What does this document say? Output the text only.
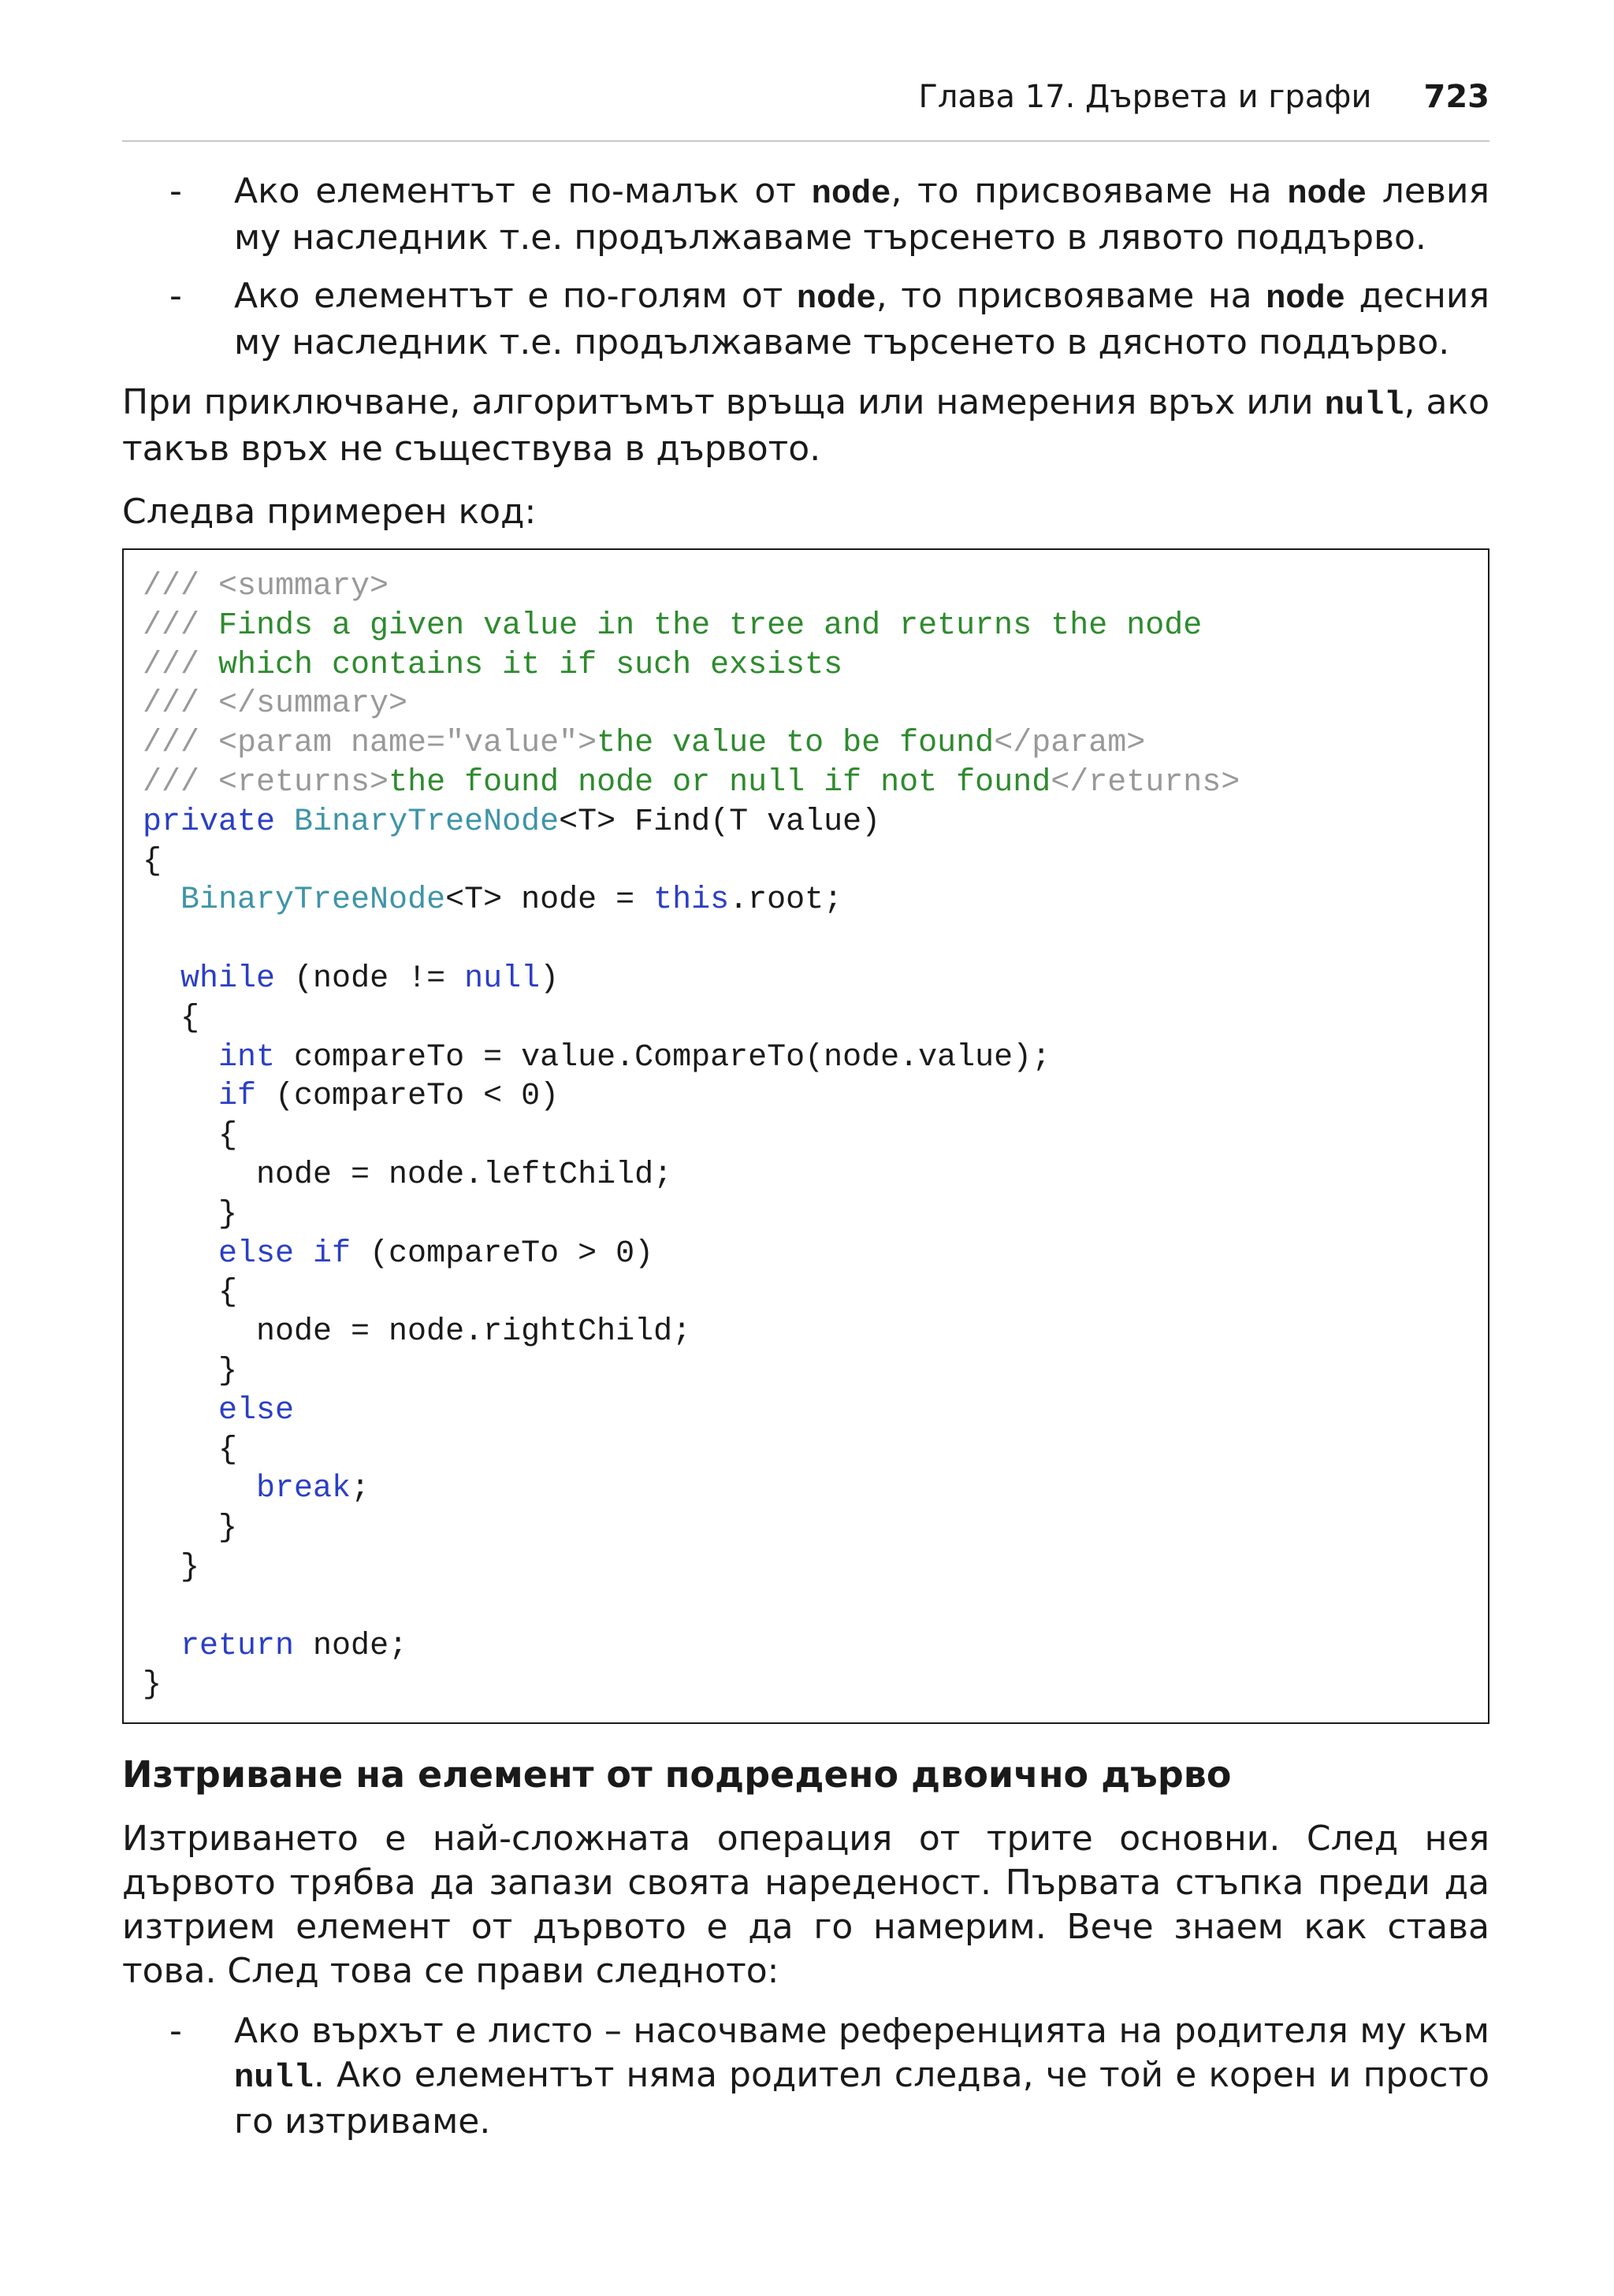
Глава 17. Дървета и графи 723
- Ако елементът е по-малък от node, то присвояваме на node левия му наследник т.е. продължаваме търсенето в лявото поддърво.
- Ако елементът е по-голям от node, то присвояваме на node десния му наследник т.е. продължаваме търсенето в дясното поддърво.

При приключване, алгоритъмът връща или намерения връх или null, ако такъв връх не съществува в дървото.

Следва примерен код:

/// <summary>
/// Finds a given value in the tree and returns the node
/// which contains it if such exsists
/// </summary>
/// <param name="value">the value to be found</param>
/// <returns>the found node or null if not found</returns>
private BinaryTreeNode<T> Find(T value)
{
BinaryTreeNode<T> node = this.root;
while (node != null)
{
int compareTo = value.CompareTo(node.value);
if (compareTo < 0)
{
node = node.leftChild;
}
else if (compareTo > 0)
{
node = node.rightChild;
}
else
{
break;
}
}
return node;
}
Изтриване на елемент от подредено двоично дърво

Изтриването е най-сложната операция от трите основни. След нея дървото трябва да запази своята нареденост. Първата стъпка преди да изтрием елемент от дървото е да го намерим. Вече знаем как става това. След това се прави следното:

- Ако върхът е листо – насочваме референцията на родителя му към null. Ако елементът няма родител следва, че той е корен и просто го изтриваме.
